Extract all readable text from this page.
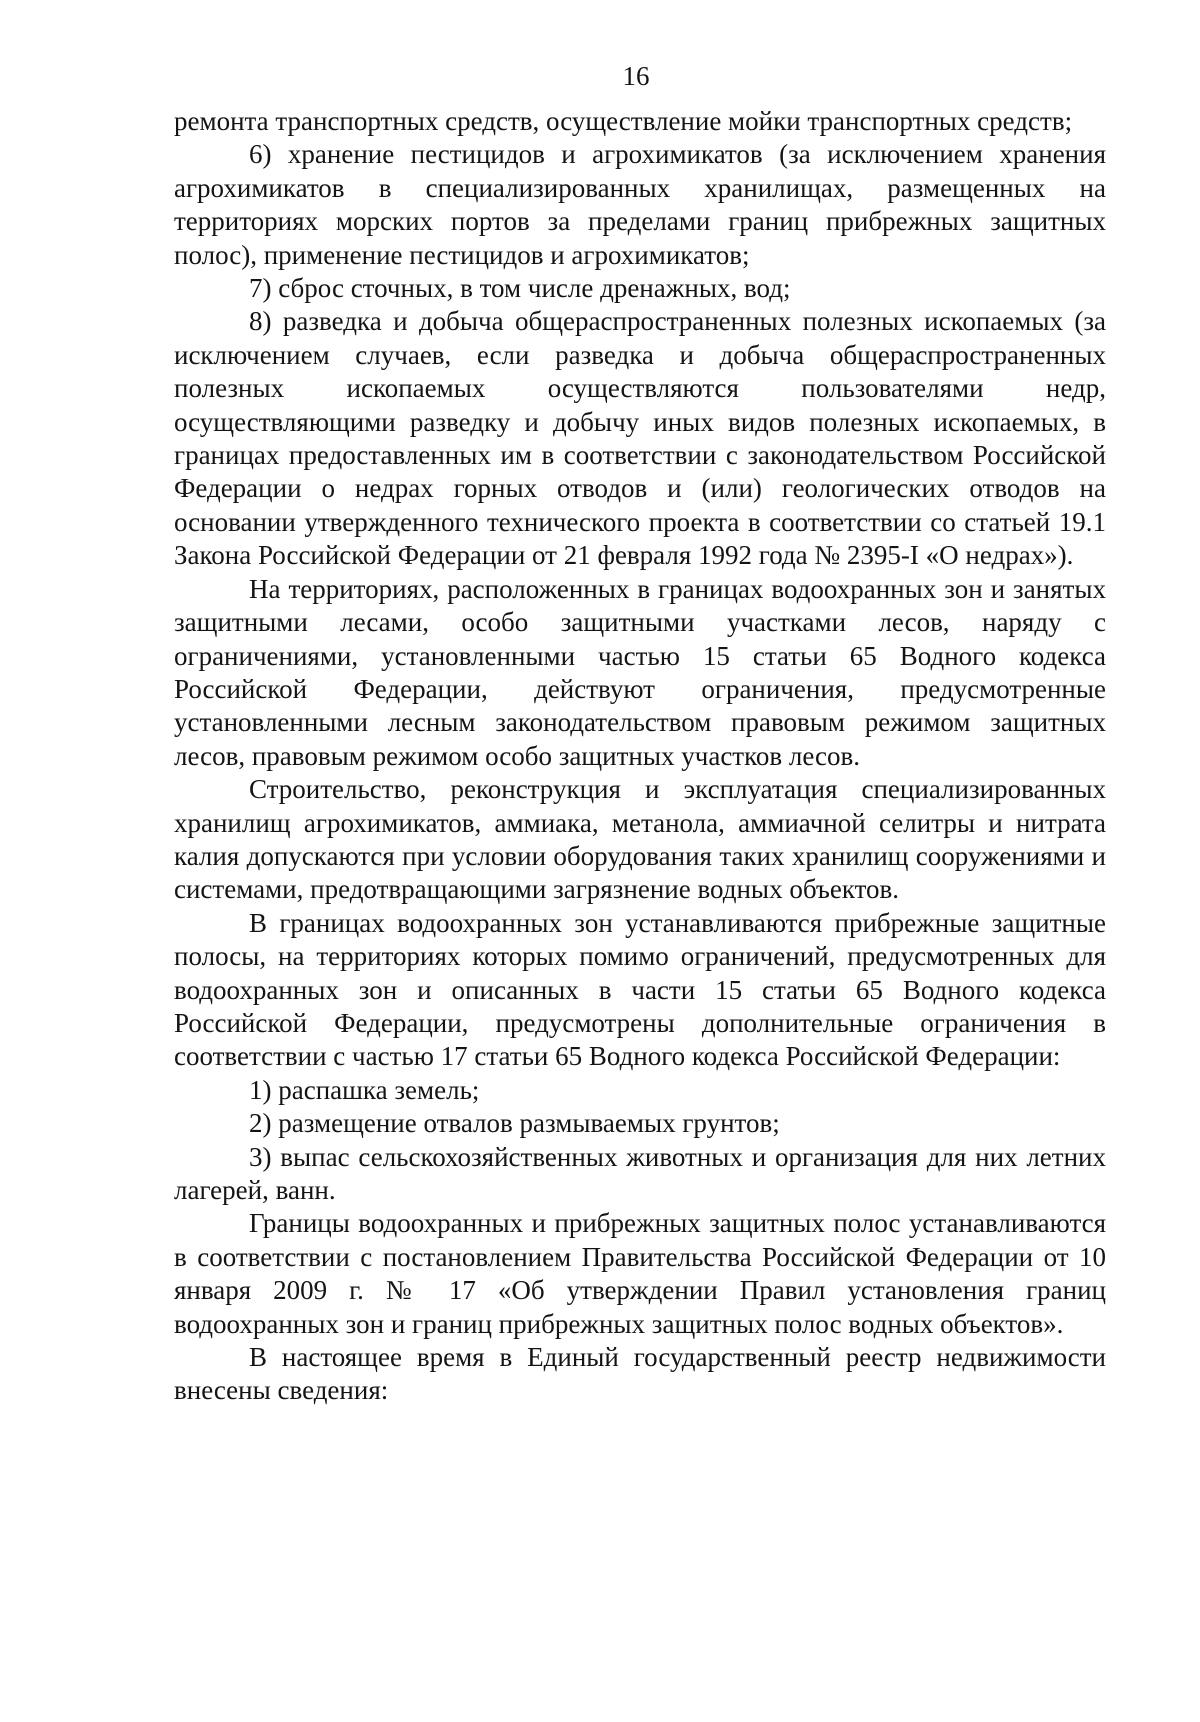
16

ремонта транспортных средств, осуществление мойки транспортных средств;

6) хранение пестицидов и агрохимикатов (за исключением хранения агрохимикатов в специализированных хранилищах, размещенных на территориях морских портов за пределами границ прибрежных защитных полос), применение пестицидов и агрохимикатов;

7) сброс сточных, в том числе дренажных, вод;

8) разведка и добыча общераспространенных полезных ископаемых (за исключением случаев, если разведка и добыча общераспространенных полезных ископаемых осуществляются пользователями недр, осуществляющими разведку и добычу иных видов полезных ископаемых, в границах предоставленных им в соответствии с законодательством Российской Федерации о недрах горных отводов и (или) геологических отводов на основании утвержденного технического проекта в соответствии со статьей 19.1 Закона Российской Федерации от 21 февраля 1992 года № 2395-I «О недрах»).

На территориях, расположенных в границах водоохранных зон и занятых защитными лесами, особо защитными участками лесов, наряду с ограничениями, установленными частью 15 статьи 65 Водного кодекса Российской Федерации, действуют ограничения, предусмотренные установленными лесным законодательством правовым режимом защитных лесов, правовым режимом особо защитных участков лесов.

Строительство, реконструкция и эксплуатация специализированных хранилищ агрохимикатов, аммиака, метанола, аммиачной селитры и нитрата калия допускаются при условии оборудования таких хранилищ сооружениями и системами, предотвращающими загрязнение водных объектов.

В границах водоохранных зон устанавливаются прибрежные защитные полосы, на территориях которых помимо ограничений, предусмотренных для водоохранных зон и описанных в части 15 статьи 65 Водного кодекса Российской Федерации, предусмотрены дополнительные ограничения в соответствии с частью 17 статьи 65 Водного кодекса Российской Федерации:

1) распашка земель;

2) размещение отвалов размываемых грунтов;

3) выпас сельскохозяйственных животных и организация для них летних лагерей, ванн.

Границы водоохранных и прибрежных защитных полос устанавливаются в соответствии с постановлением Правительства Российской Федерации от 10 января 2009 г. № 17 «Об утверждении Правил установления границ водоохранных зон и границ прибрежных защитных полос водных объектов».

В настоящее время в Единый государственный реестр недвижимости внесены сведения:
